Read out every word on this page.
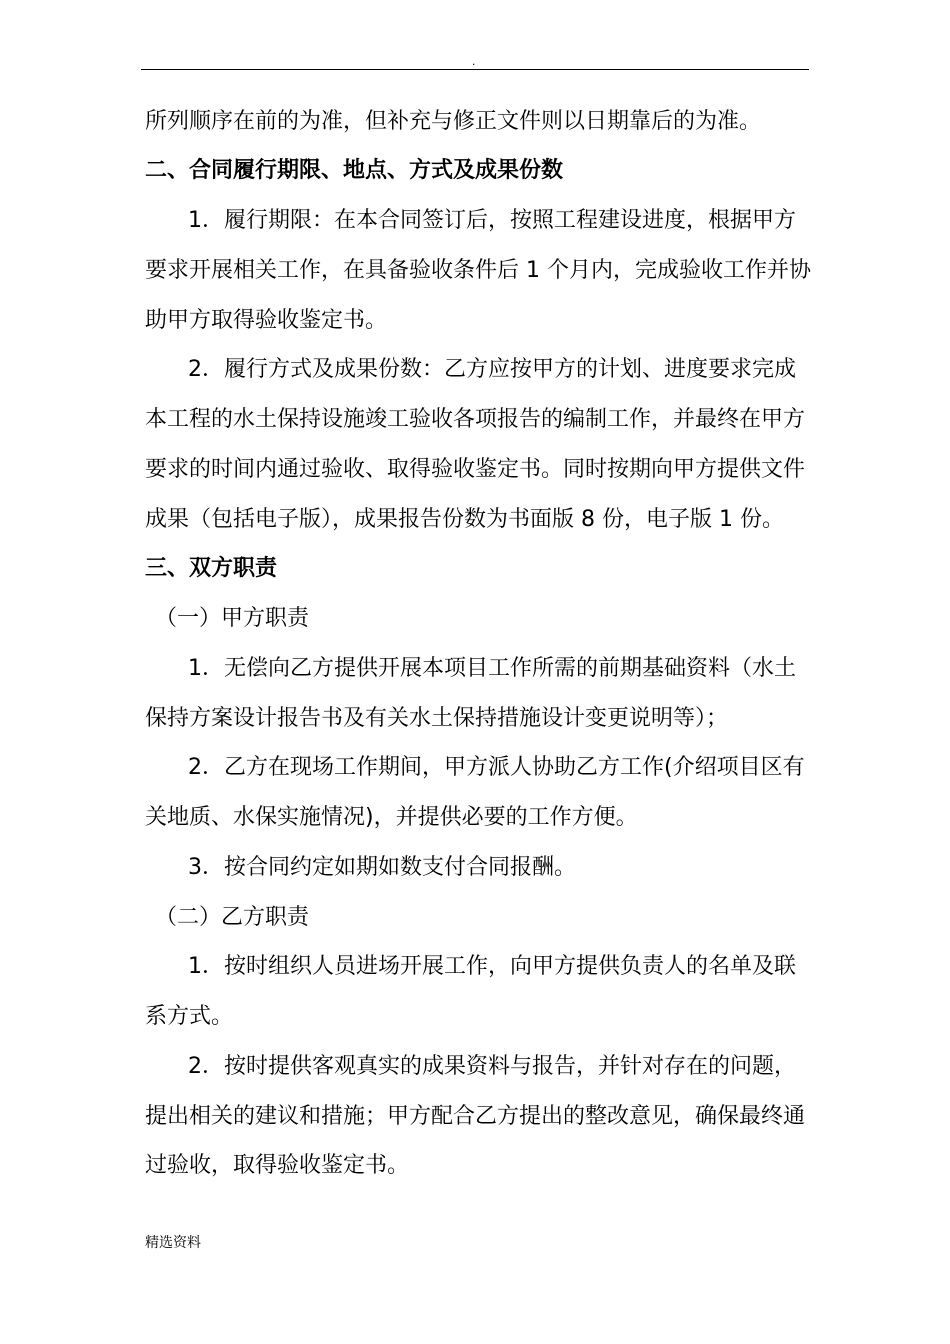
.
所列顺序在前的为准，但补充与修正文件则以日期靠后的为准。
二、合同履行期限、地点、方式及成果份数
1．履行期限：在本合同签订后，按照工程建设进度，根据甲方
要求开展相关工作，在具备验收条件后 1 个月内，完成验收工作并协
助甲方取得验收鉴定书。
2．履行方式及成果份数：乙方应按甲方的计划、进度要求完成
本工程的水土保持设施竣工验收各项报告的编制工作，并最终在甲方
要求的时间内通过验收、取得验收鉴定书。同时按期向甲方提供文件
成果（包括电子版），成果报告份数为书面版 8 份，电子版 1 份。
三、双方职责
（一）甲方职责
1．无偿向乙方提供开展本项目工作所需的前期基础资料（水土
保持方案设计报告书及有关水土保持措施设计变更说明等）；
2．乙方在现场工作期间，甲方派人协助乙方工作(介绍项目区有
关地质、水保实施情况)，并提供必要的工作方便。
3．按合同约定如期如数支付合同报酬。
（二）乙方职责
1．按时组织人员进场开展工作，向甲方提供负责人的名单及联
系方式。
2．按时提供客观真实的成果资料与报告，并针对存在的问题，
提出相关的建议和措施；甲方配合乙方提出的整改意见，确保最终通
过验收，取得验收鉴定书。
精选资料
